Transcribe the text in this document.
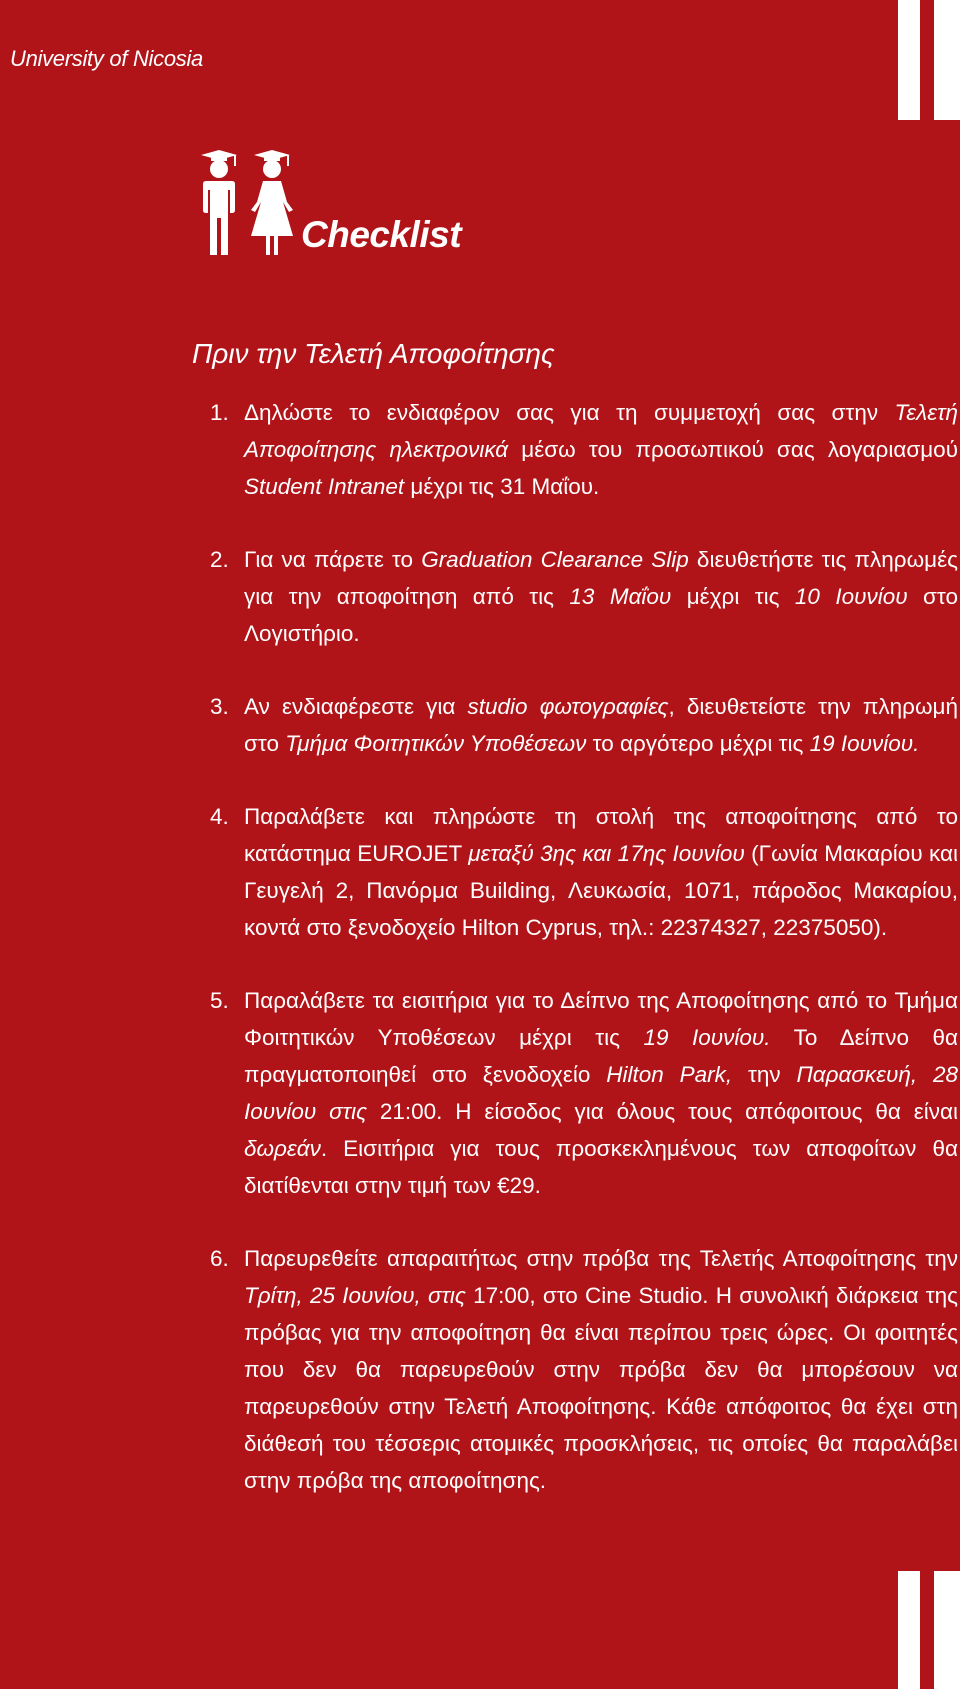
University of Nicosia
Checklist
Πριν την Τελετή Αποφοίτησης
1. Δηλώστε το ενδιαφέρον σας για τη συμμετοχή σας στην Τελετή Αποφοίτησης ηλεκτρονικά μέσω του προσωπικού σας λογαριασμού Student Intranet μέχρι τις 31 Μαΐου.
2. Για να πάρετε το Graduation Clearance Slip διευθετήστε τις πληρωμές για την αποφοίτηση από τις 13 Μαΐου μέχρι τις 10 Ιουνίου στο Λογιστήριο.
3. Αν ενδιαφέρεστε για studio φωτογραφίες, διευθετείστε την πληρωμή στο Τμήμα Φοιτητικών Υποθέσεων το αργότερο μέχρι τις 19 Ιουνίου.
4. Παραλάβετε και πληρώστε τη στολή της αποφοίτησης από το κατάστημα EUROJET μεταξύ 3ης και 17ης Ιουνίου (Γωνία Μακαρίου και Γευγελή 2, Πανόρμα Building, Λευκωσία, 1071, πάροδος Μακαρίου, κοντά στο ξενοδοχείο Hilton Cyprus, τηλ.: 22374327, 22375050).
5. Παραλάβετε τα εισιτήρια για το Δείπνο της Αποφοίτησης από το Τμήμα Φοιτητικών Υποθέσεων μέχρι τις 19 Ιουνίου. Το Δείπνο θα πραγματοποιηθεί στο ξενοδοχείο Hilton Park, την Παρασκευή, 28 Ιουνίου στις 21:00. Η είσοδος για όλους τους απόφοιτους θα είναι δωρεάν. Εισιτήρια για τους προσκεκλημένους των αποφοίτων θα διατίθενται στην τιμή των €29.
6. Παρευρεθείτε απαραιτήτως στην πρόβα της Τελετής Αποφοίτησης την Τρίτη, 25 Ιουνίου, στις 17:00, στο Cine Studio. Η συνολική διάρκεια της πρόβας για την αποφοίτηση θα είναι περίπου τρεις ώρες. Οι φοιτητές που δεν θα παρευρεθούν στην πρόβα δεν θα μπορέσουν να παρευρεθούν στην Τελετή Αποφοίτησης. Κάθε απόφοιτος θα έχει στη διάθεσή του τέσσερις ατομικές προσκλήσεις, τις οποίες θα παραλάβει στην πρόβα της αποφοίτησης.
